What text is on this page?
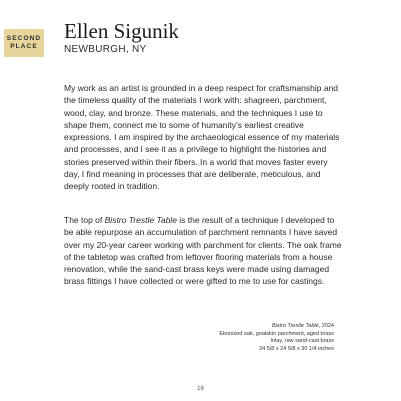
SECOND
PLACE
Ellen Sigunik
NEWBURGH, NY

My work as an artist is grounded in a deep respect for craftsmanship and the timeless quality of the materials I work with: shagreen, parchment, wood, clay, and bronze. These materials, and the techniques I use to shape them, connect me to some of humanity’s earliest creative expressions. I am inspired by the archaeological essence of my materials and processes, and I see it as a privilege to highlight the histories and stories preserved within their fibers. In a world that moves faster every day, I find meaning in processes that are deliberate, meticulous, and deeply rooted in tradition.

The top of Bistro Trestle Table is the result of a technique I developed to be able repurpose an accumulation of parchment remnants I have saved over my 20-year career working with parchment for clients. The oak frame of the tabletop was crafted from leftover flooring materials from a house renovation, while the sand-cast brass keys were made using damaged brass fittings I have collected or were gifted to me to use for castings.

Bistro Trestle Table, 2024
Ebonized oak, goatskin parchment, aged brass
inlay, raw sand-cast brass
24 5/8 x 24 5/8 x 30 1/4 inches
16
